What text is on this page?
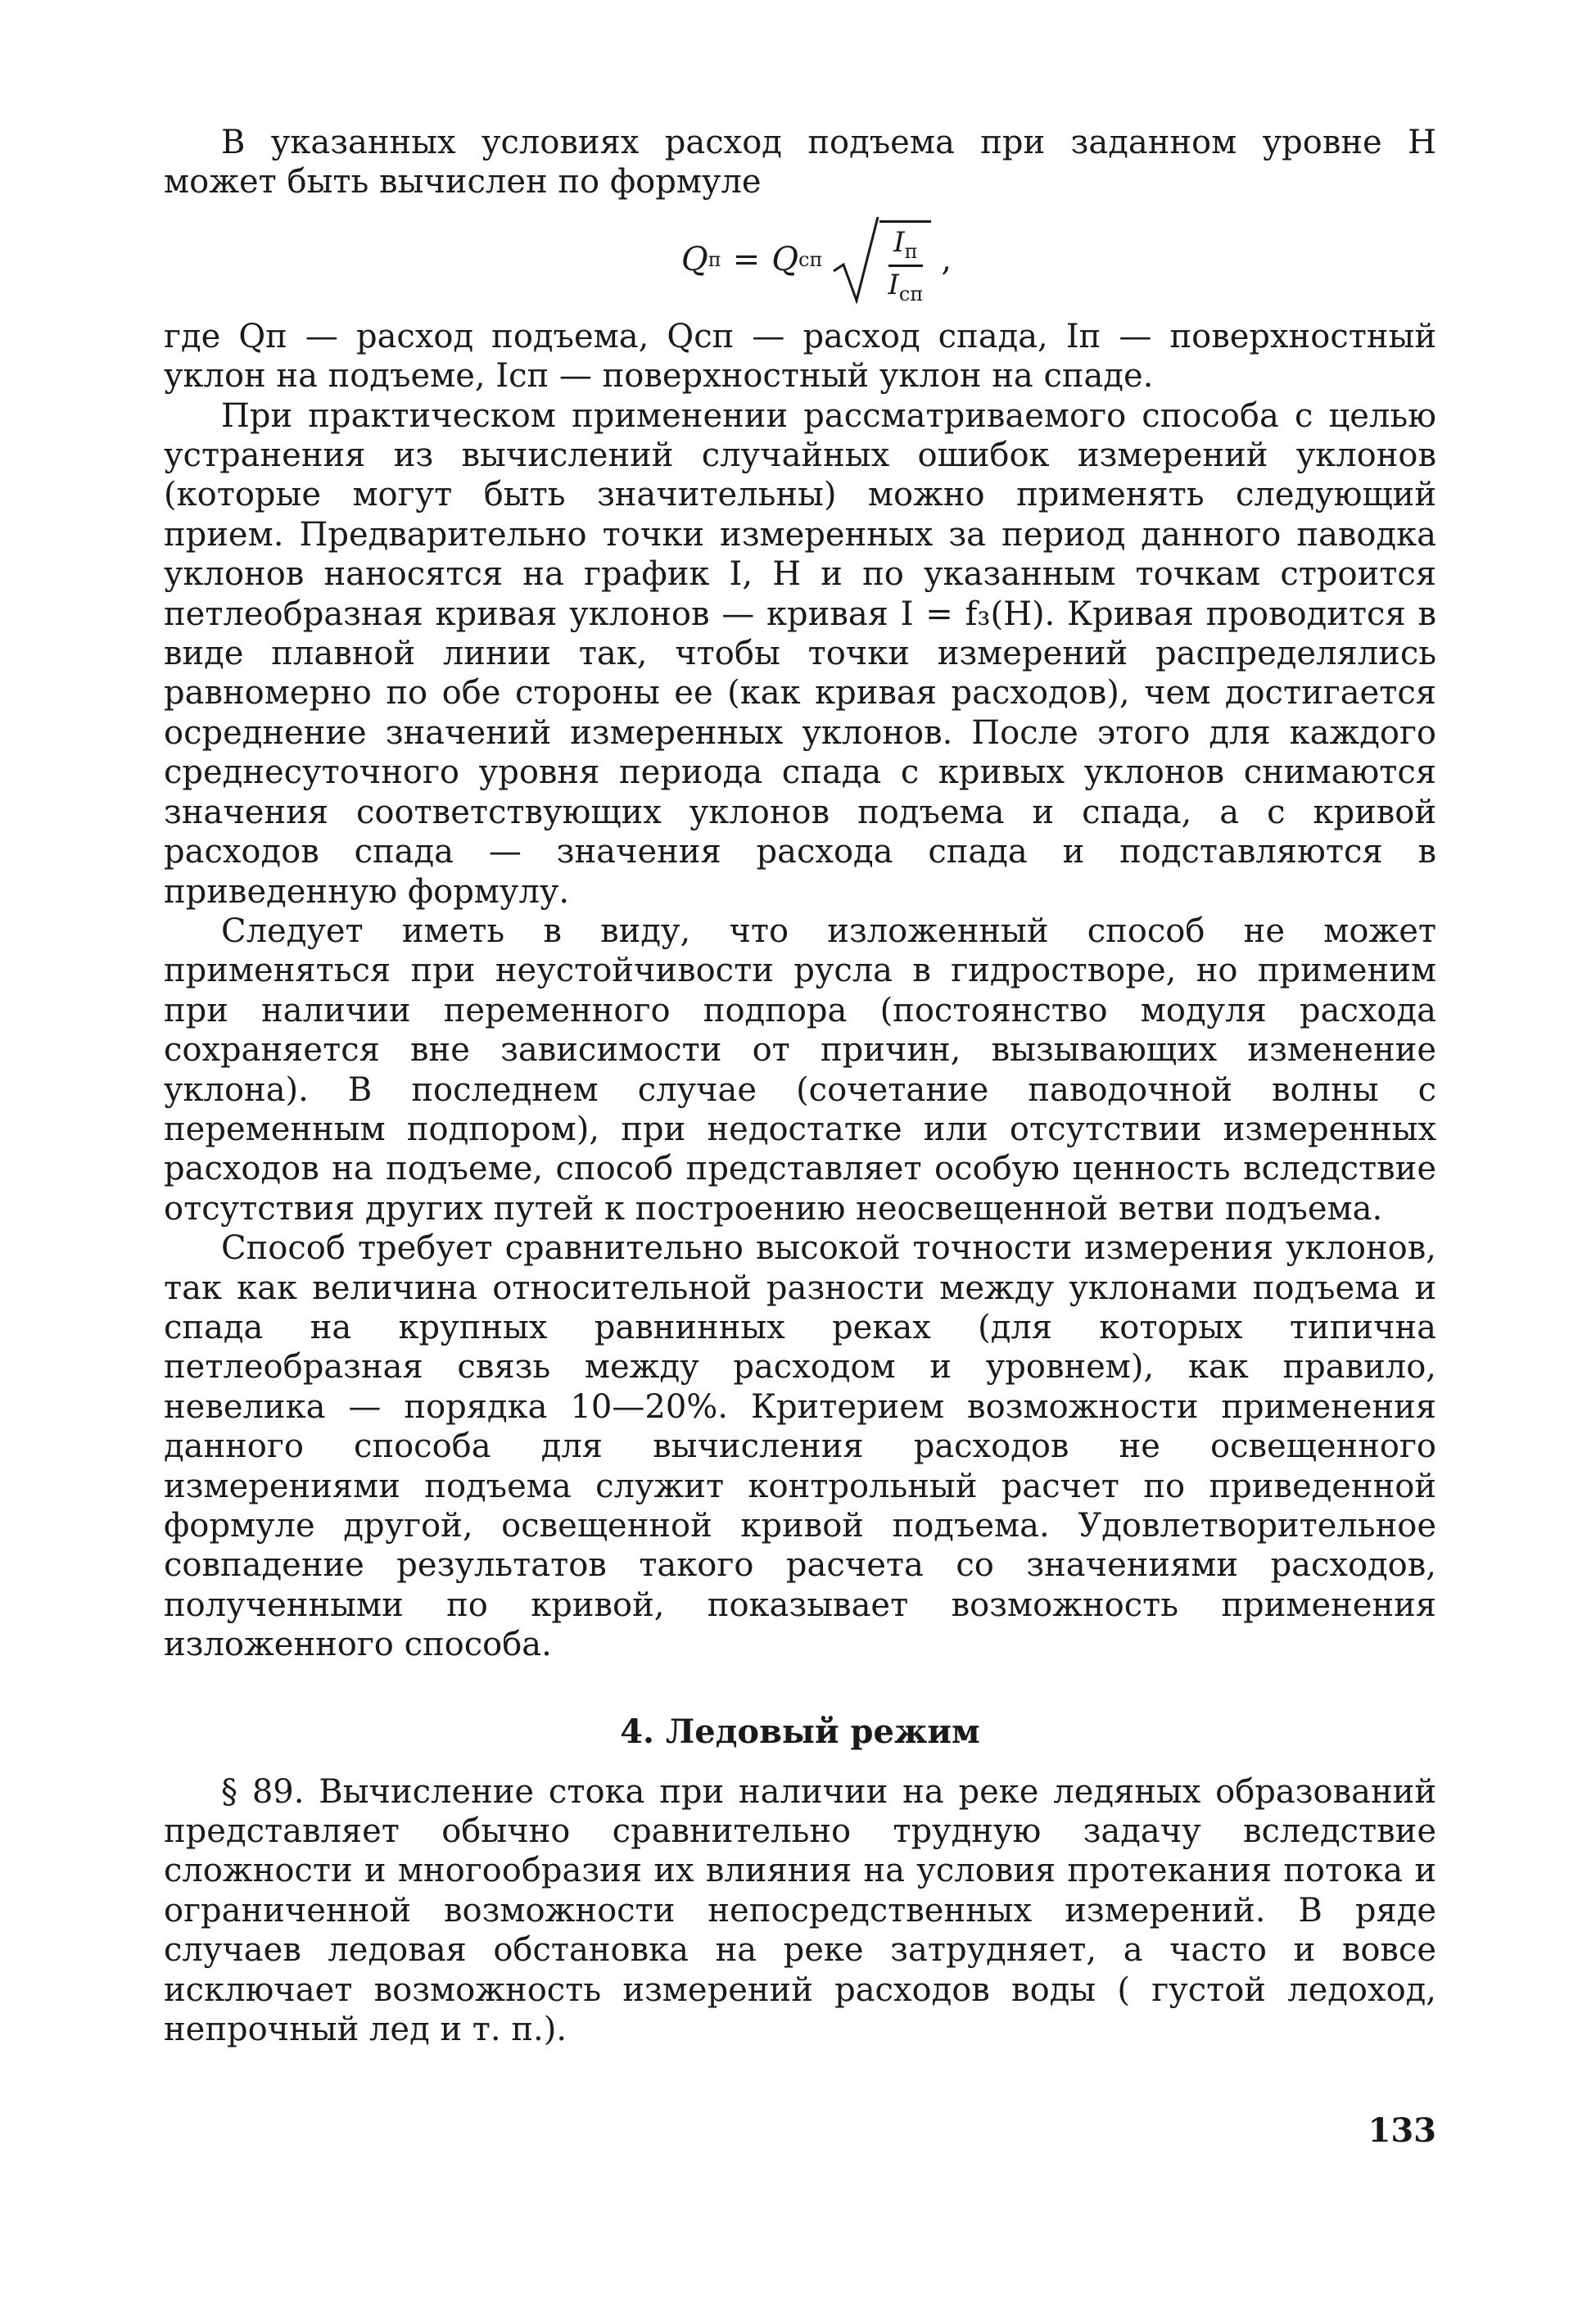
В указанных условиях расход подъема при заданном уровне H может быть вычислен по формуле

Q п = Q сп $\frac{I_п}{I_{сп}}$ ,

где Qп — расход подъема, Qсп — расход спада, Iп — поверхностный уклон на подъеме, Iсп — поверхностный уклон на спаде.

При практическом применении рассматриваемого способа с целью устранения из вычислений случайных ошибок измерений уклонов (которые могут быть значительны) можно применять следующий прием. Предварительно точки измеренных за период данного паводка уклонов наносятся на график I, H и по указанным точкам строится петлеобразная кривая уклонов — кривая I = f₃(H). Кривая проводится в виде плавной линии так, чтобы точки измерений распределялись равномерно по обе стороны ее (как кривая расходов), чем достигается осреднение значений измеренных уклонов. После этого для каждого среднесуточного уровня периода спада с кривых уклонов снимаются значения соответствующих уклонов подъема и спада, а с кривой расходов спада — значения расхода спада и подставляются в приведенную формулу.

Следует иметь в виду, что изложенный способ не может применяться при неустойчивости русла в гидростворе, но применим при наличии переменного подпора (постоянство модуля расхода сохраняется вне зависимости от причин, вызывающих изменение уклона). В последнем случае (сочетание паводочной волны с переменным подпором), при недостатке или отсутствии измеренных расходов на подъеме, способ представляет особую ценность вследствие отсутствия других путей к построению неосвещенной ветви подъема.

Способ требует сравнительно высокой точности измерения уклонов, так как величина относительной разности между уклонами подъема и спада на крупных равнинных реках (для которых типична петлеобразная связь между расходом и уровнем), как правило, невелика — порядка 10—20%. Критерием возможности применения данного способа для вычисления расходов не освещенного измерениями подъема служит контрольный расчет по приведенной формуле другой, освещенной кривой подъема. Удовлетворительное совпадение результатов такого расчета со значениями расходов, полученными по кривой, показывает возможность применения изложенного способа.

4. Ледовый режим

§ 89. Вычисление стока при наличии на реке ледяных образований представляет обычно сравнительно трудную задачу вследствие сложности и многообразия их влияния на условия протекания потока и ограниченной возможности непосредственных измерений. В ряде случаев ледовая обстановка на реке затрудняет, а часто и вовсе исключает возможность измерений расходов воды ( густой ледоход, непрочный лед и т. п.).

133
